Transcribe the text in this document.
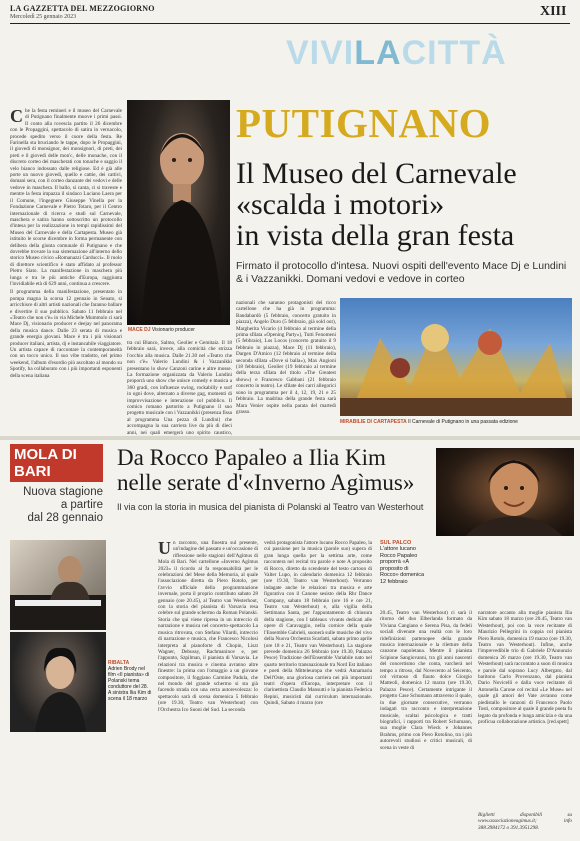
LA GAZZETTA DEL MEZZOGIORNO
Mercoledì 25 gennaio 2023	XIII
VIVILACITTÀ

Che la festa remineri e il museo del Carnevale di Putignano finalmente muove i primi passi. Il conto alla rovescia partito il 26 dicembre con le Propaggini, spettacolo di satira in vernacolo, procede spedito verso il cuore della festa. Re Farinella sta bruciando le tappe, dopo le Propaggini, il giovedì di monsignor, dei monsignori, di preti, dei preti e il giovedì delle mon'c, delle monache, con il discreto corteo dei mascherati con tonache e saggio il velo bianco indossato dalle religiose. Ed è già alle porte un nuovo giovedì, quello e cattie, dei cattivi, domani sera, con il corteo danzante dei vedovi e delle vedove in maschera. Il ballo, si canta, ci si traveste e mentre la festa impazza il sindaco Luciano Laera per il Comune, l'ingegnere Giuseppe Vinella per la Fondazione Carnevale e Pietro Totaro, per il Centro internazionale di ricerca e studi sul Carnevale, maschera e satira hanno sottoscritto un protocollo d'intesa per la realizzazione in tempi rapidissimi del Museo del Carnevale e della Cartapesta. Museo già istituito le scorse dicembre in forma permanente con delibera della giunta comunale di Putignano e che dovrebbe trovare la sua sistemazione all'interno dello storico Museo civico «Romanazzi Carducci». Il ruolo di direttore scientifico è stato affidato al professor Pietro Siato. La manifestazione in maschera più lunga e tra le più antiche d'Europa, raggiunta l'invidiabile età di 629 anni, continua a crescere.

Il programma della manifestazione, presentato in pompa magna la scorsa 12 gennaio in Senato, si arricchisce di altri artisti nazionali che faranno ballare e divertire il suo pubblico. Sabato 11 febbraio nel «Teatro che non c'è» in via Michele Mummolo ci sarà Mace Dj, visionario producer e deejay nel panorama della musica dance. Dalle 23 serata di musica e grande energia giovani. Mace è tra i più visionari producer italiani, artista, dj e instancabile viaggiatore. Un artista capace di raccontare la contemporaneità con un tocco unico. Il suo vibe tradotto, nel primo weekend, l'album d'esordio più ascoltato al mondo su Spotify, ha collaborato con i più importanti esponenti della scena italiana

MACE DJ Visionario producer
PUTIGNANO
Il Museo del Carnevale
«scalda i motori»
in vista della gran festa
Firmato il protocollo d'intesa. Nuovi ospiti dell'evento Mace Dj e Lundini & i Vazzanikki. Domani vedovi e vedove in corteo
tra cui Blanco, Salmo, Geolier e Gemitaiz. Il 18 febbraio sarà, invece, alla comicità che strizza l'occhio alla musica. Dalle 21.30 nel «Teatro che non c'è» Valerio Lundini & i Vazzanikki presentano lo show Canzoni carine e altre mosse. La formazione organizzata da Valerio Lundini proporrà uno show che unisce comedy e musica a 360 gradi, con influenze swing, rockabilly e surf in ogni dove, alternato a diverse gag, momenti di improvvisazione e interazione col pubblico. Il comico romano partorito a Putignano il suo progetto musicale con i Vazzanikki (presenza fissa al programma Una pezza di Lundini) che accompagna la sua carriera live da più di dieci anni, nei quali emergerà uno spirito caustico,
nazionali che saranno protagonisti del ricco cartellone che ha già in programma: Bandabardò (5 febbraio, concerto gratuito in piazza), Angelo Duro (5 febbraio, già sold out), Margherita Vicario (4 febbraio al termine della prima sfilata «Opening Party»), Tutti Fenomeni (5 febbraio), Los Locos (concerto gratuito il 9 febbraio in piazza), Mace Dj (11 febbraio), Dargen D'Amico (12 febbraio al termine della seconda sfilata «Dove si balla»), Max Angioni (18 febbraio), Geolier (19 febbraio al termine della terza sfilata del titolo «The Greatest show») e Francesco Gabbani (21 febbraio concerto in teatro). Le sfilate dei carri allegorici sono in programma per il 4, 12, 19, 21 e 25 febbraio. La madrina della grande festa sarà Mara Venier ospite nella parata del martedì grasso.
MIRABILIE DI CARTAPESTA Il Carnevale di Putignano in una passata edizione
MOLA DI BARI
Nuova stagione
a partire
dal 28 gennaio
Da Rocco Papaleo a Ilia Kim
nelle serate d'«Inverno Agìmus»
Il via con la storia in musica del pianista di Polanski al Teatro van Westerhout
RIBALTA
Adrien Brody nel film «Il pianista» di Polanski tema conduttore del 28. A sinistra Ilia Kim di scena il 18 marzo
SUL PALCO
L'attore lucano Rocco Papaleo proporrà «A proposito di Rocco» domenica 12 febbraio

Un racconto, una finestra sul presente, un'indagine del passato e un'occasione di riflessione nelle stagioni dell'Agìmus di Mola di Bari. Nel cartellone «Inverno Agìmus 2023» il ricordo al fa responsabilità per le celebrazioni del Mese della Memoria, al quale l'associazione diretta da Piero Rotolo, per l'avvio ufficiale della programmazione invernale, porta il proprio contributo sabato 28 gennaio (ore 20.45), al Teatro van Westerhout, con la storia del pianista di Varsavia resa celebre sul grande schermo da Roman Polanski. Storia che qui viene ripresa in un intreccio di narrazione e musica nel concerto-spettacolo La musica ritrovata, con Stefano Vilardi, intreccio di narrazione e musica, che Francesco Nicolosi interpreta al pianoforte di Chopin, Liszt Wagner, Debussy, Rachmaninov e, per l'appunto, Szpilman, il pianista di Varsavia. Le relazioni tra musica e cinema avranno altre finestre: la prima con l'omaggio a un giovane compositore, il foggiano Carmine Padula, che nel mondo del grande schermo si sta già facendo strada con una certa autorevolezza: lo spettacolo sarà di scena domenica 5 febbraio (ore 19.30, Teatro van Westerhout) con l'Orchestra Ico Suoni del Sud. La seconda

vedrà protagonista l'attore lucano Rocco Papaleo, la cui passione per la musica (parole suo) supera di gran lunga quella per la settima arte, come raccontera nel recital tra parole e note A proposito di Rocco, diretto da scendente del testo cartoon di Valter Lupo, in calendario domenica 12 febbraio (ore 19.30, Teatro van Westerhout). Verranno indagate anche le relazioni tra musica e arte figurativa con il Canone sesisto della Rhr Dance Company, sabato 18 febbraio (ore 16 e ore 21, Teatro van Westerhout) e, alla vigilia della Settimana Santa, per l'appuntamento di chiusura della stagione, con I tableaux vivants dedicati alle opere di Caravaggio, nella cornice della quale l'Ensemble Gabrieli, suonerà sulle musiche del vivo della Nuova Orchestra Scarlatti, sabato primo aprile (ore 18 e 21, Teatro van Westerhout). La stagione prevede domenica 26 febbraio (ore 19.30, Palazzo Pesce) Tradizione dell'Ensemble Variabile nato nel quarto territorio transnazionale tra Nord Est italiano e poeti della Mitteleuropa che vedrà Annamaria Dell'Oste, una gloriosa carriera nei più importanti teatri d'opera d'Europa, interpretare con il clarinettista Claudio Mansutti e la pianista Federica Repini, musicisti dal curriculum internazionale. Quindi, Sabato 4 marzo (ore
20.45, Teatro van Westerhout) ci sarà il ritorno del duo Elberlanda formato da Viviana Cangiano e Serena Pisa, da fedeli sociali divenute una realtà con le loro ridefinizioni partenopee della grande musica internazionale e la riletture della canzone napoletana. Mentre il pianista Scipione Sangiovanni, tra gli anni nascenti del concertismo che conta, varcherà nel tempo a ritroso, dal Novecento al Seicento, col virtuoso di flauto dolce Giorgio Matteoli, domenica 12 marzo (ore 19.30, Palazzo Pesce). Certamente intrigante il progetto Case Schumann attraverso il quale, in due giornate consecutive, verranno indagati tra racconto e interpretazione musicale, scaltai psicologica e tratti biografici, i rapporti tra Robert Schumann, sua moglie Clara Wieck e Johannes Brahms, primo con Piero Rotolino, tra i più autorevoli studiosi e critici musicali, di scena in veste di
narratore accanto alla moglie pianista Ilia Kim sabato 18 marzo (ore 20.45, Teatro van Westerhout), poi con la voce recitante di Maurizio Pellegrini in coppia col pianista Piero Rotolo, domenica 19 marzo (ore 19.30, Teatro van Westerhout). Infine, anche l'imprevedibile trio di Gabriele D'Annunzio domenica 26 marzo (ore 19.30, Teatro van Westerhout) sarà raccontato a suon di musica e parole dal soprano Lucy Albergato, dal baritono Carlo Provenzano, dal pianista Dario Novicelli e dalla voce recitante di Antonella Carone col recital «Le Muse» nel quale gli amori del Vate avranno come piedistallo le canzoni di Francesco Paolo Tosti, compositore al quale il grande poeta fu legato da profonda e lunga amicizia e da una proficua collaborazione artistica. [red.spett]
Biglietti disponibili su www.associazioneagimus.it; info 388.3984172 o 391.3951298.
